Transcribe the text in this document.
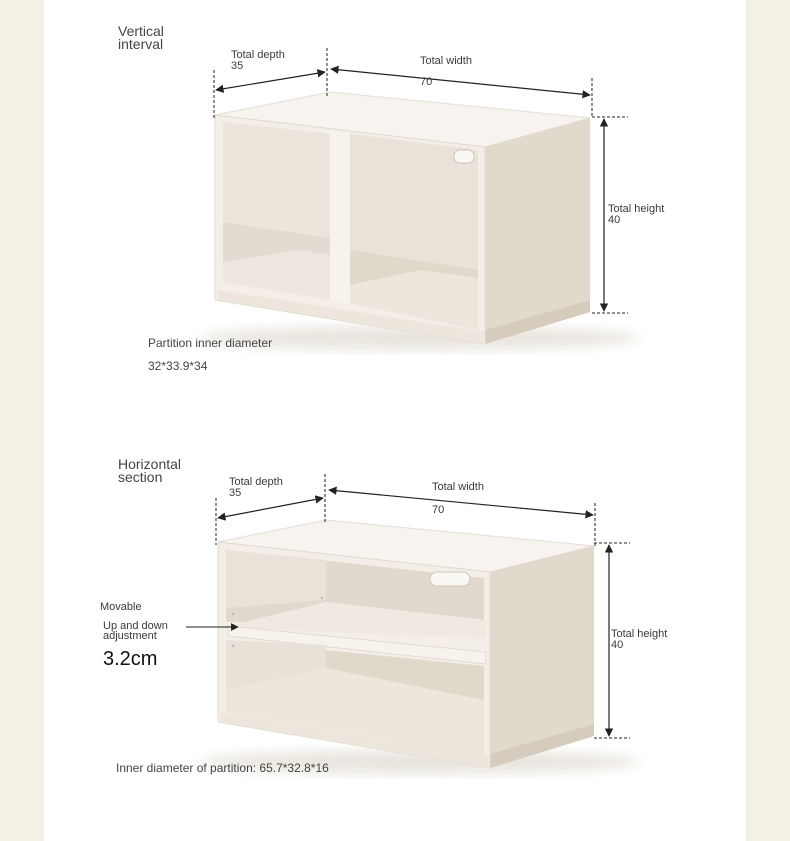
Vertical
interval
Total depth
35	Total width
70
Total height
40
Partition inner diameter
32*33.9*34
Horizontal
section	Total depth
35	Total width
70
Total height
40
Movable
Up and down
adjustment
3.2cm
Inner diameter of partition: 65.7*32.8*16
